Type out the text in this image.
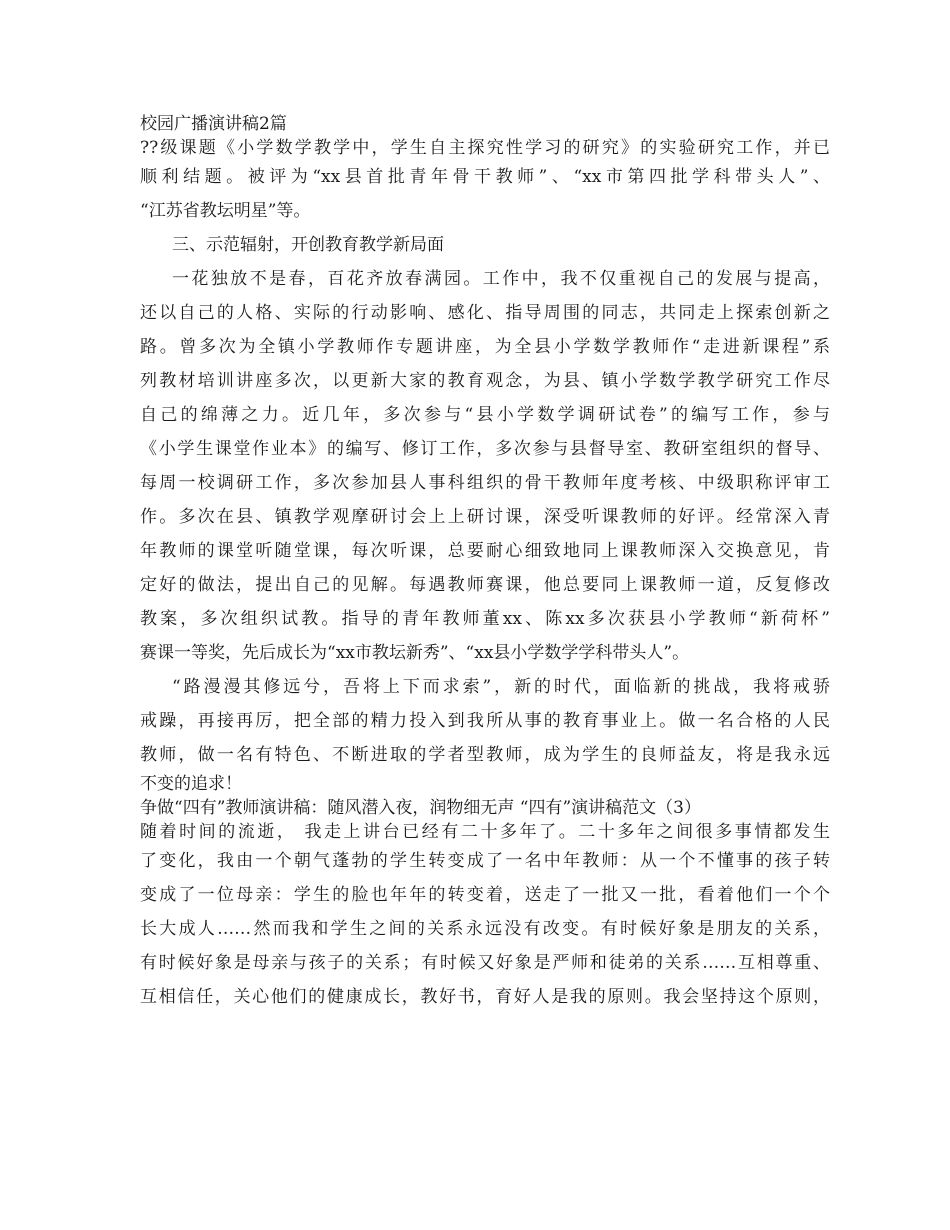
校园广播演讲稿2篇
??级课题《小学数学教学中，学生自主探究性学习的研究》的实验研究工作，并已
顺利结题。被评为“xx县首批青年骨干教师”、“xx市第四批学科带头人”、
“江苏省教坛明星”等。
三、示范辐射，开创教育教学新局面
一花独放不是春，百花齐放春满园。工作中，我不仅重视自己的发展与提高，
还以自己的人格、实际的行动影响、感化、指导周围的同志，共同走上探索创新之
路。曾多次为全镇小学教师作专题讲座，为全县小学数学教师作“走进新课程”系
列教材培训讲座多次，以更新大家的教育观念，为县、镇小学数学教学研究工作尽
自己的绵薄之力。近几年，多次参与“县小学数学调研试卷”的编写工作，参与
《小学生课堂作业本》的编写、修订工作，多次参与县督导室、教研室组织的督导、
每周一校调研工作，多次参加县人事科组织的骨干教师年度考核、中级职称评审工
作。多次在县、镇教学观摩研讨会上上研讨课，深受听课教师的好评。经常深入青
年教师的课堂听随堂课，每次听课，总要耐心细致地同上课教师深入交换意见，肯
定好的做法，提出自己的见解。每遇教师赛课，他总要同上课教师一道，反复修改
教案，多次组织试教。指导的青年教师董xx、陈xx多次获县小学教师“新荷杯”
赛课一等奖，先后成长为“xx市教坛新秀”、“xx县小学数学学科带头人”。
“路漫漫其修远兮，吾将上下而求索”，新的时代，面临新的挑战，我将戒骄
戒躁，再接再厉，把全部的精力投入到我所从事的教育事业上。做一名合格的人民
教师，做一名有特色、不断进取的学者型教师，成为学生的良师益友，将是我永远
不变的追求！
争做“四有”教师演讲稿：随风潜入夜，润物细无声 “四有”演讲稿范文（3）
随着时间的流逝， 我走上讲台已经有二十多年了。二十多年之间很多事情都发生
了变化，我由一个朝气蓬勃的学生转变成了一名中年教师：从一个不懂事的孩子转
变成了一位母亲：学生的脸也年年的转变着，送走了一批又一批，看着他们一个个
长大成人……然而我和学生之间的关系永远没有改变。有时候好象是朋友的关系，
有时候好象是母亲与孩子的关系；有时候又好象是严师和徒弟的关系……互相尊重、
互相信任，关心他们的健康成长，教好书，育好人是我的原则。我会坚持这个原则，
